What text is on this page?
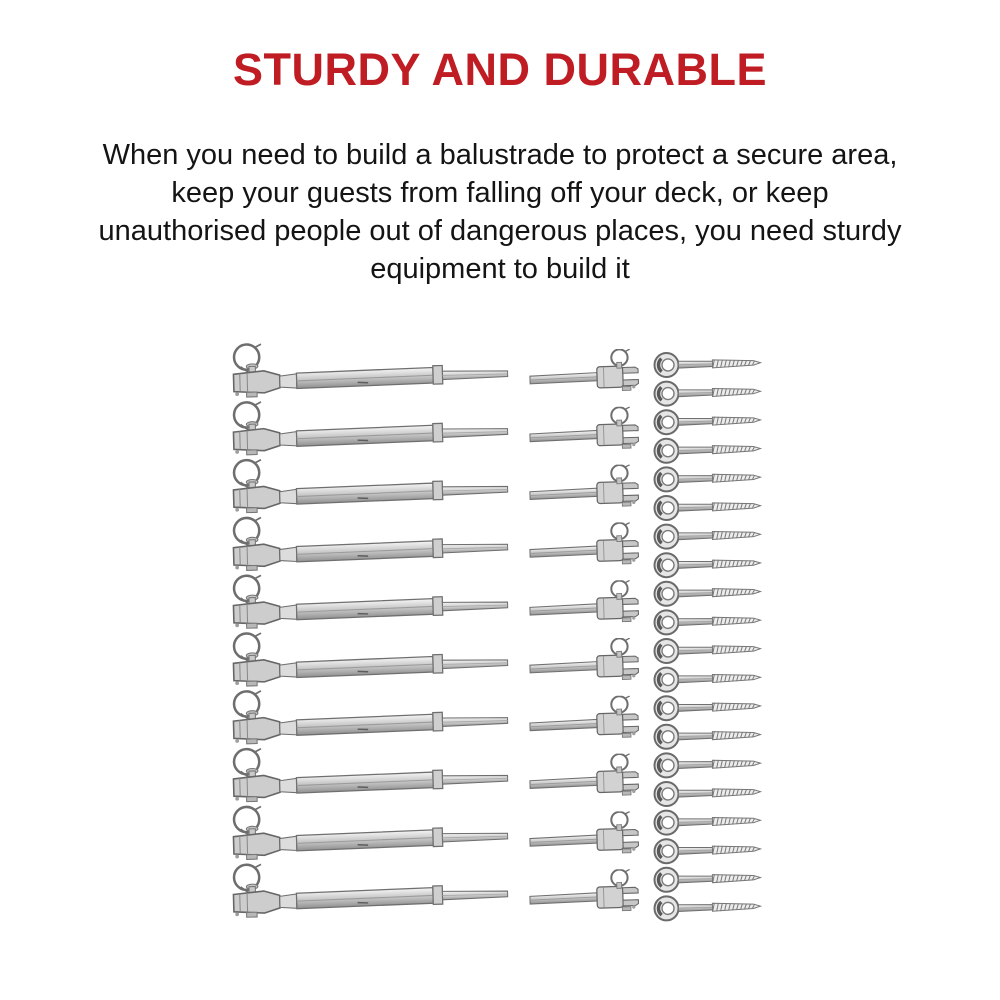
STURDY AND DURABLE
When you need to build a balustrade to protect a secure area,
keep your guests from falling off your deck, or keep
unauthorised people out of dangerous places, you need sturdy
equipment to build it
